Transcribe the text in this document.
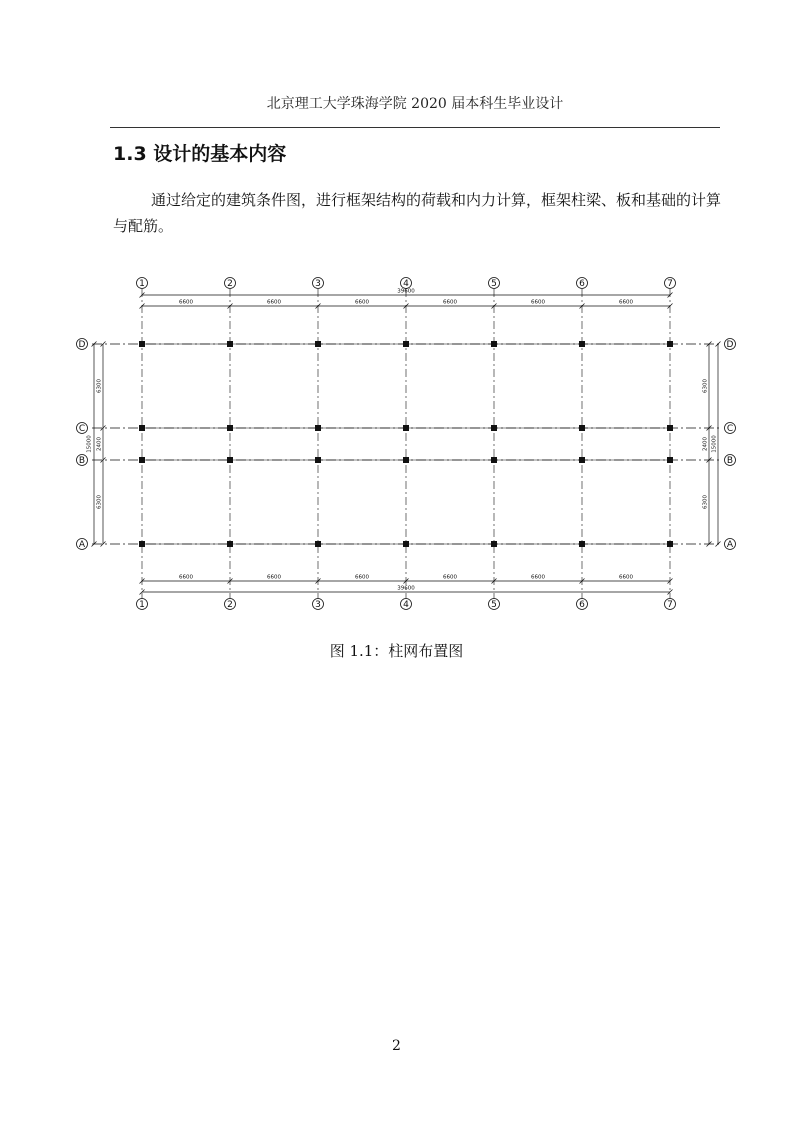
北京理工大学珠海学院 2020 届本科生毕业设计
1.3 设计的基本内容
通过给定的建筑条件图，进行框架结构的荷载和内力计算，框架柱梁、板和基础的计算与配筋。
1
1
2
2
3
3
4
4
5
5
6
6
7
7
D	D
C	C
B	B
A	A
39600
6600	6600	6600	6600	6600	6600
6600	6600	6600	6600	6600	6600
39600
15000
6300
2400
6300
6300
2400
6300
15000
图 1.1：柱网布置图
2
